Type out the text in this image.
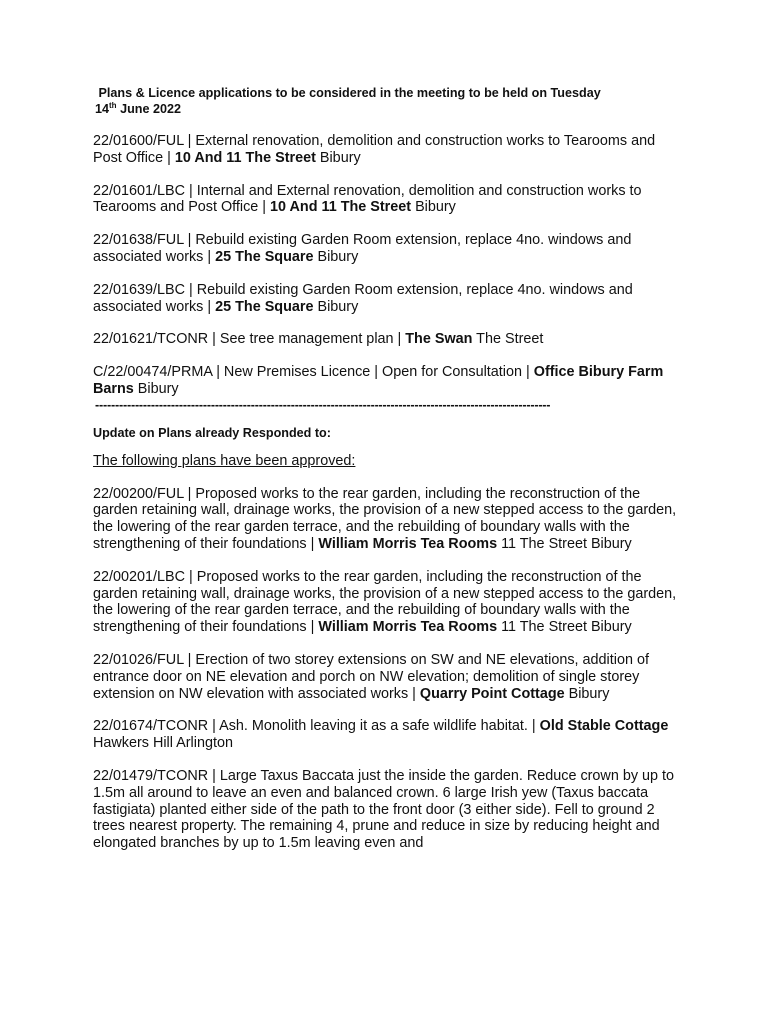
Plans & Licence applications to be considered in the meeting to be held on Tuesday
14th June 2022
22/01600/FUL | External renovation, demolition and construction works to Tearooms and Post Office | 10 And 11 The Street Bibury
22/01601/LBC | Internal and External renovation, demolition and construction works to Tearooms and Post Office | 10 And 11 The Street Bibury
22/01638/FUL | Rebuild existing Garden Room extension, replace 4no. windows and associated works | 25 The Square Bibury
22/01639/LBC | Rebuild existing Garden Room extension, replace 4no. windows and associated works | 25 The Square Bibury
22/01621/TCONR | See tree management plan | The Swan The Street
C/22/00474/PRMA | New Premises Licence | Open for Consultation | Office Bibury Farm Barns Bibury
------------------------------------------------------------------------------------------------------------------
Update on Plans already Responded to:
The following plans have been approved:
22/00200/FUL | Proposed works to the rear garden, including the reconstruction of the garden retaining wall, drainage works, the provision of a new stepped access to the garden, the lowering of the rear garden terrace, and the rebuilding of boundary walls with the strengthening of their foundations | William Morris Tea Rooms 11 The Street Bibury
22/00201/LBC | Proposed works to the rear garden, including the reconstruction of the garden retaining wall, drainage works, the provision of a new stepped access to the garden, the lowering of the rear garden terrace, and the rebuilding of boundary walls with the strengthening of their foundations | William Morris Tea Rooms 11 The Street Bibury
22/01026/FUL | Erection of two storey extensions on SW and NE elevations, addition of entrance door on NE elevation and porch on NW elevation; demolition of single storey extension on NW elevation with associated works | Quarry Point Cottage Bibury
22/01674/TCONR | Ash. Monolith leaving it as a safe wildlife habitat. | Old Stable Cottage Hawkers Hill Arlington
22/01479/TCONR | Large Taxus Baccata just the inside the garden. Reduce crown by up to 1.5m all around to leave an even and balanced crown. 6 large Irish yew (Taxus baccata fastigiata) planted either side of the path to the front door (3 either side). Fell to ground 2 trees nearest property. The remaining 4, prune and reduce in size by reducing height and elongated branches by up to 1.5m leaving even and
